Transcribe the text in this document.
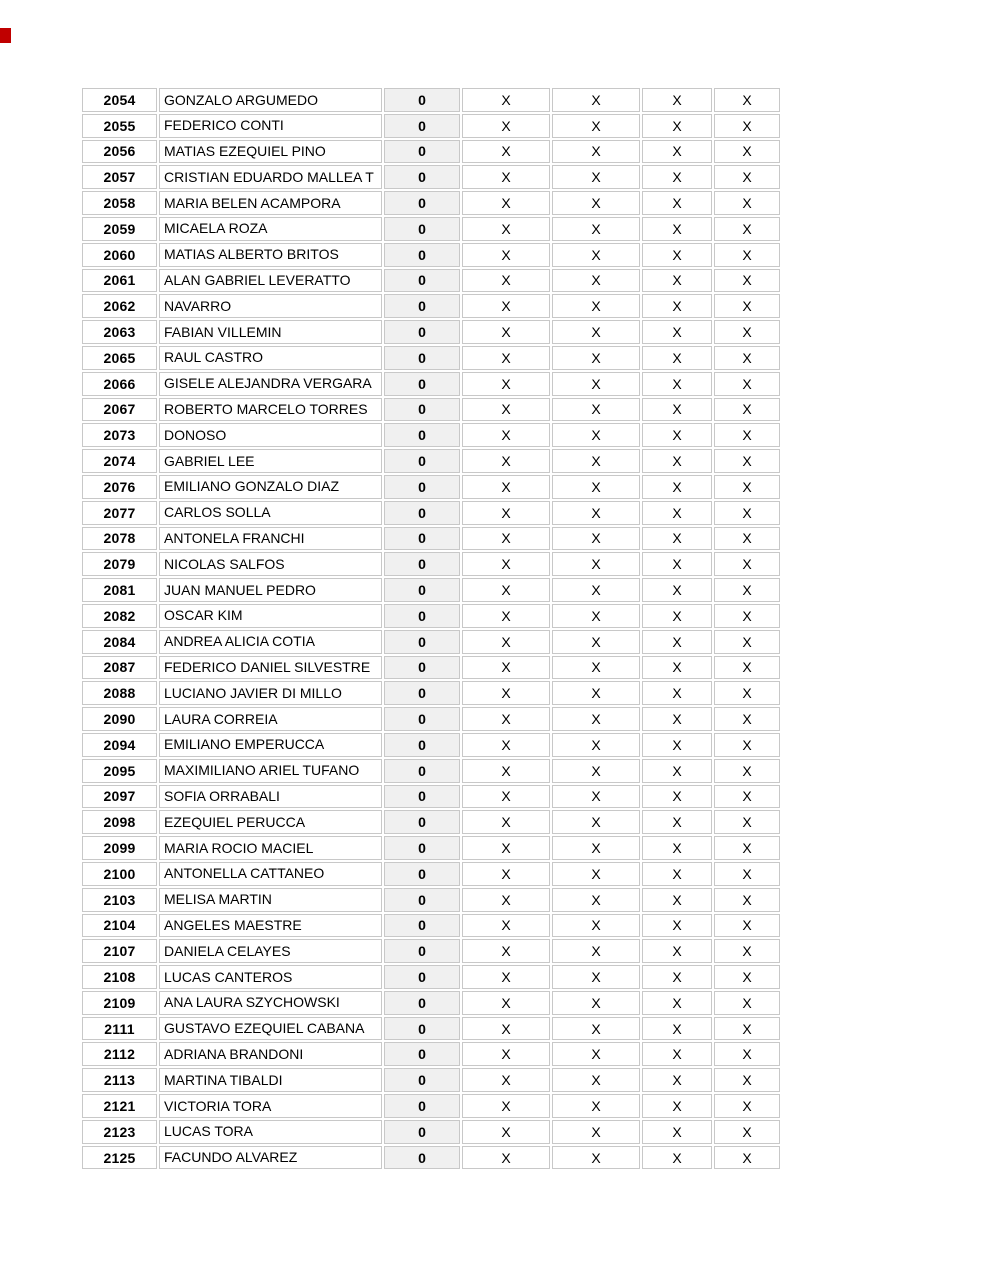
2054	GONZALO ARGUMEDO	0	X	X	X	X
2055	FEDERICO CONTI	0	X	X	X	X
2056	MATIAS EZEQUIEL PINO	0	X	X	X	X
2057	CRISTIAN EDUARDO MALLEA T	0	X	X	X	X
2058	MARIA BELEN ACAMPORA	0	X	X	X	X
2059	MICAELA ROZA	0	X	X	X	X
2060	MATIAS ALBERTO BRITOS	0	X	X	X	X
2061	ALAN GABRIEL LEVERATTO	0	X	X	X	X
2062	NAVARRO	0	X	X	X	X
2063	FABIAN VILLEMIN	0	X	X	X	X
2065	RAUL CASTRO	0	X	X	X	X
2066	GISELE ALEJANDRA VERGARA	0	X	X	X	X
2067	ROBERTO MARCELO TORRES	0	X	X	X	X
2073	DONOSO	0	X	X	X	X
2074	GABRIEL LEE	0	X	X	X	X
2076	EMILIANO GONZALO DIAZ	0	X	X	X	X
2077	CARLOS SOLLA	0	X	X	X	X
2078	ANTONELA FRANCHI	0	X	X	X	X
2079	NICOLAS SALFOS	0	X	X	X	X
2081	JUAN MANUEL PEDRO	0	X	X	X	X
2082	OSCAR KIM	0	X	X	X	X
2084	ANDREA ALICIA COTIA	0	X	X	X	X
2087	FEDERICO DANIEL SILVESTRE	0	X	X	X	X
2088	LUCIANO JAVIER DI MILLO	0	X	X	X	X
2090	LAURA CORREIA	0	X	X	X	X
2094	EMILIANO EMPERUCCA	0	X	X	X	X
2095	MAXIMILIANO ARIEL TUFANO	0	X	X	X	X
2097	SOFIA ORRABALI	0	X	X	X	X
2098	EZEQUIEL PERUCCA	0	X	X	X	X
2099	MARIA ROCIO MACIEL	0	X	X	X	X
2100	ANTONELLA CATTANEO	0	X	X	X	X
2103	MELISA MARTIN	0	X	X	X	X
2104	ANGELES MAESTRE	0	X	X	X	X
2107	DANIELA CELAYES	0	X	X	X	X
2108	LUCAS CANTEROS	0	X	X	X	X
2109	ANA LAURA SZYCHOWSKI	0	X	X	X	X
2111	GUSTAVO EZEQUIEL CABANA	0	X	X	X	X
2112	ADRIANA BRANDONI	0	X	X	X	X
2113	MARTINA TIBALDI	0	X	X	X	X
2121	VICTORIA TORA	0	X	X	X	X
2123	LUCAS TORA	0	X	X	X	X
2125	FACUNDO ALVAREZ	0	X	X	X	X
